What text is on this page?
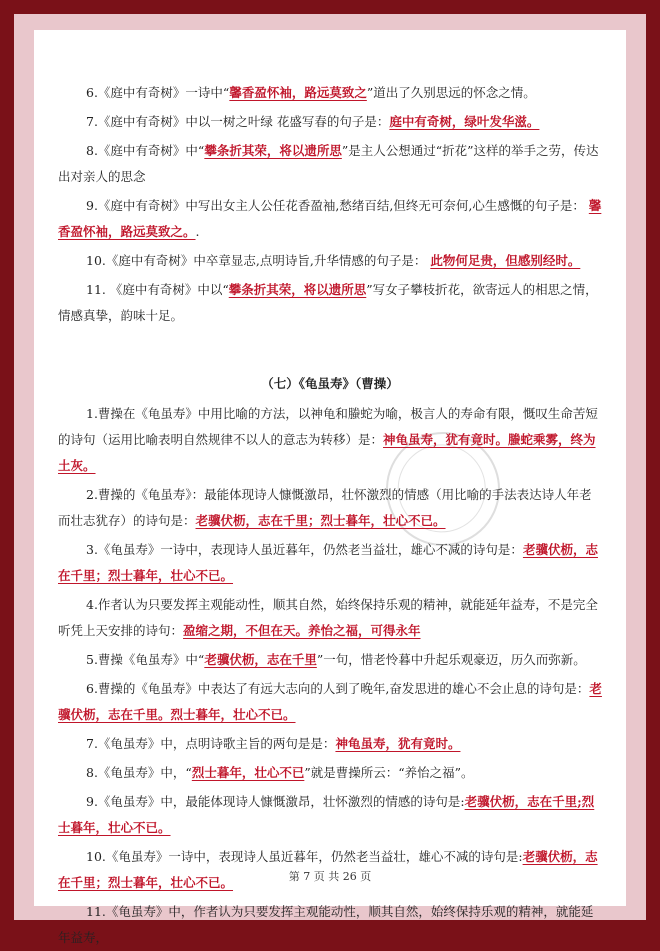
6.《庭中有奇树》一诗中“馨香盈怀袖，路远莫致之”道出了久别思远的怀念之情。

7.《庭中有奇树》中以一树之叶绿 花盛写春的句子是：庭中有奇树，绿叶发华滋。

8.《庭中有奇树》中“攀条折其荣，将以遗所思”是主人公想通过“折花”这样的举手之劳，传达出对亲人的思念

9.《庭中有奇树》中写出女主人公任花香盈袖,愁绪百结,但终无可奈何,心生感慨的句子是： 馨香盈怀袖，路远莫致之。.

10.《庭中有奇树》中卒章显志,点明诗旨,升华情感的句子是： 此物何足贵，但感别经时。

11. 《庭中有奇树》中以“攀条折其荣，将以遗所思”写女子攀枝折花，欲寄远人的相思之情，情感真挚，韵味十足。

（七）《龟虽寿》（曹操）

1.曹操在《龟虽寿》中用比喻的方法，以神龟和螣蛇为喻，极言人的寿命有限，慨叹生命苦短的诗句（运用比喻表明自然规律不以人的意志为转移）是：神龟虽寿，犹有竟时。螣蛇乘雾，终为土灰。

2.曹操的《龟虽寿》：最能体现诗人慷慨激昂，壮怀激烈的情感（用比喻的手法表达诗人年老而壮志犹存）的诗句是：老骥伏枥，志在千里；烈士暮年，壮心不已。

3.《龟虽寿》一诗中，表现诗人虽近暮年，仍然老当益壮，雄心不减的诗句是：老骥伏枥，志在千里；烈士暮年，壮心不已。

4.作者认为只要发挥主观能动性，顺其自然，始终保持乐观的精神，就能延年益寿，不是完全听凭上天安排的诗句：盈缩之期，不但在天。养怡之福，可得永年

5.曹操《龟虽寿》中“老骥伏枥，志在千里”一句，惜老怜暮中升起乐观豪迈，历久而弥新。

6.曹操的《龟虽寿》中表达了有远大志向的人到了晚年,奋发思进的雄心不会止息的诗句是：老骥伏枥，志在千里。烈士暮年，壮心不已。

7.《龟虽寿》中，点明诗歌主旨的两句是是：神龟虽寿，犹有竟时。

8.《龟虽寿》中，“烈士暮年，壮心不已”就是曹操所云：“养怡之福”。

9.《龟虽寿》中，最能体现诗人慷慨激昂，壮怀激烈的情感的诗句是:老骥伏枥，志在千里;烈士暮年，壮心不已。

10.《龟虽寿》一诗中，表现诗人虽近暮年，仍然老当益壮，雄心不减的诗句是:老骥伏枥，志在千里；烈士暮年，壮心不已。

11.《龟虽寿》中，作者认为只要发挥主观能动性，顺其自然，始终保持乐观的精神，就能延年益寿，

第 7 页 共 26 页
